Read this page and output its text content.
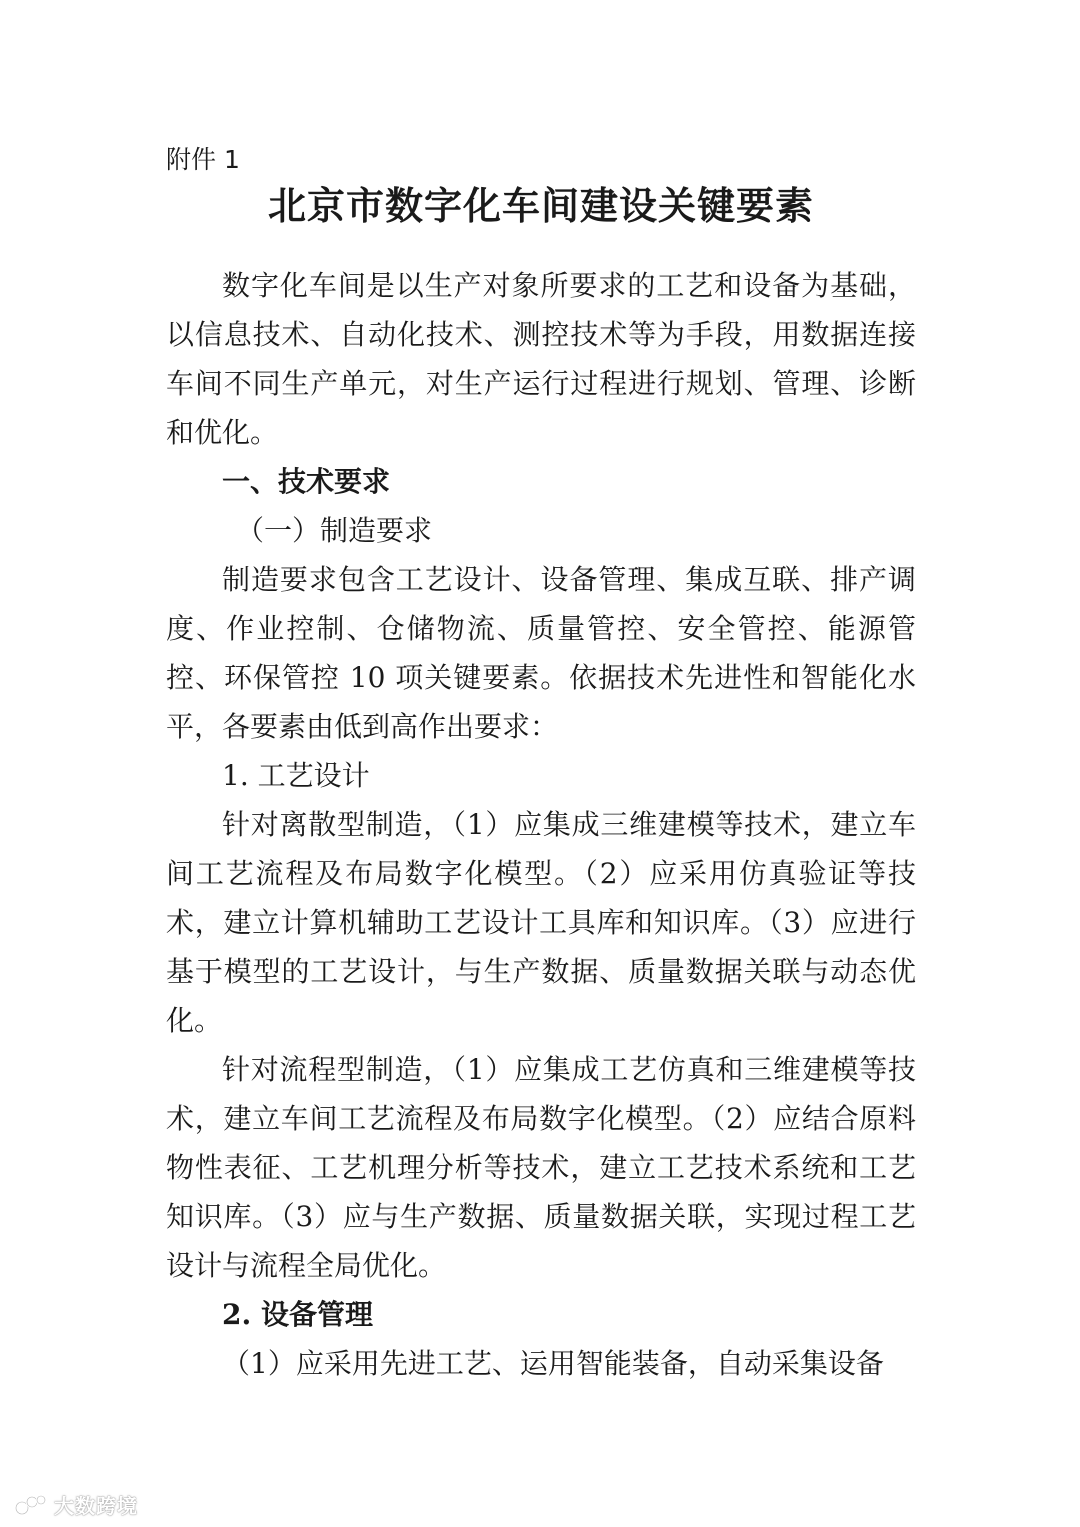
附件 1

北京市数字化车间建设关键要素

数字化车间是以生产对象所要求的工艺和设备为基础，以信息技术、自动化技术、测控技术等为手段，用数据连接车间不同生产单元，对生产运行过程进行规划、管理、诊断和优化。

一、技术要求

（一）制造要求

制造要求包含工艺设计、设备管理、集成互联、排产调度、作业控制、仓储物流、质量管控、安全管控、能源管控、环保管控 10 项关键要素。依据技术先进性和智能化水平，各要素由低到高作出要求：

1. 工艺设计

针对离散型制造，（1）应集成三维建模等技术，建立车间工艺流程及布局数字化模型。（2）应采用仿真验证等技术，建立计算机辅助工艺设计工具库和知识库。（3）应进行基于模型的工艺设计，与生产数据、质量数据关联与动态优化。

针对流程型制造，（1）应集成工艺仿真和三维建模等技术，建立车间工艺流程及布局数字化模型。（2）应结合原料物性表征、工艺机理分析等技术，建立工艺技术系统和工艺知识库。（3）应与生产数据、质量数据关联，实现过程工艺设计与流程全局优化。

2. 设备管理

（1）应采用先进工艺、运用智能装备，自动采集设备

大数跨境
